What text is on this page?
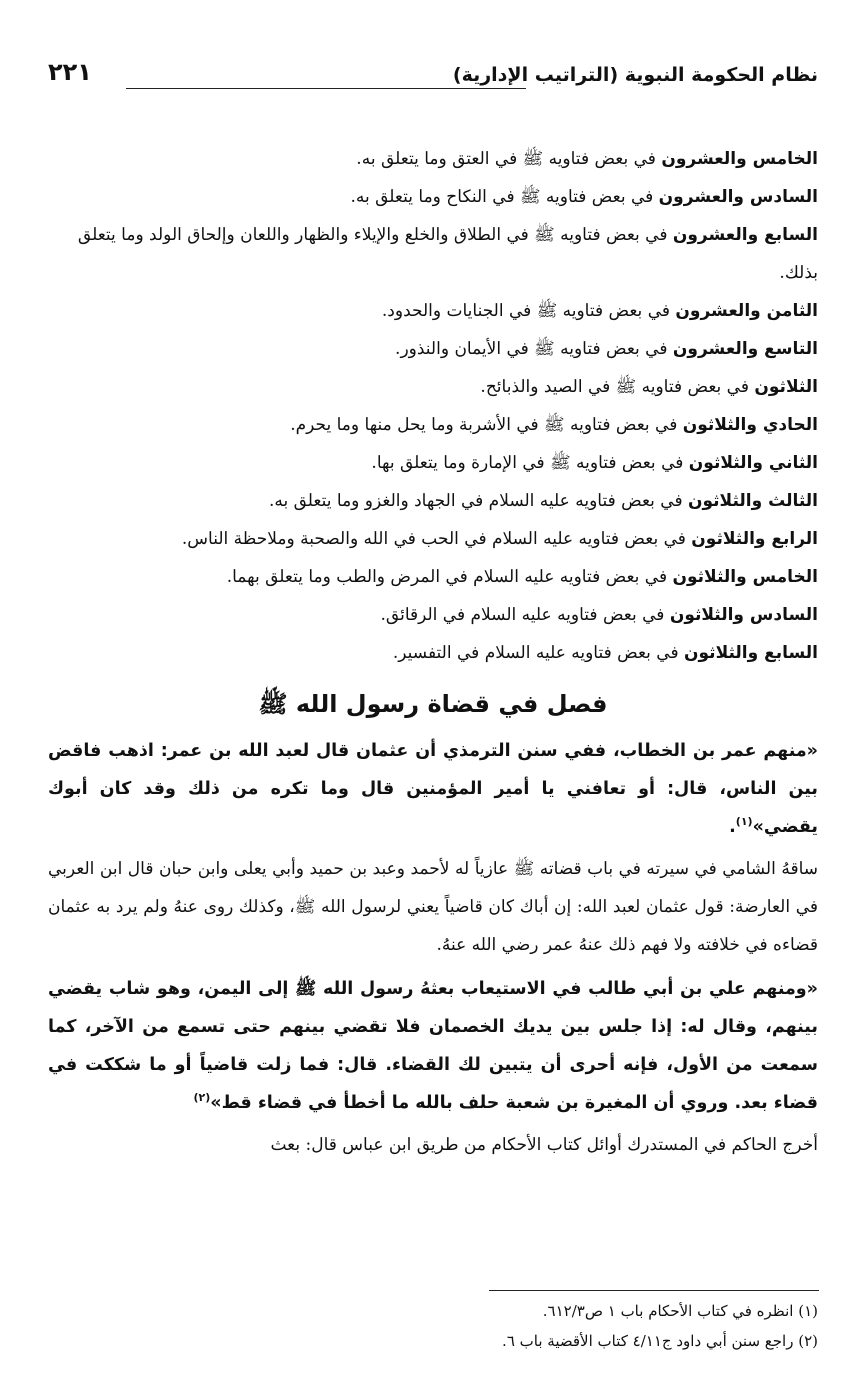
نظام الحكومة النبوية (التراتيب الإدارية)
٢٢١

الخامس والعشرون في بعض فتاويه ﷺ في العتق وما يتعلق به.

السادس والعشرون في بعض فتاويه ﷺ في النكاح وما يتعلق به.

السابع والعشرون في بعض فتاويه ﷺ في الطلاق والخلع والإيلاء والظهار واللعان وإلحاق الولد وما يتعلق بذلك.

الثامن والعشرون في بعض فتاويه ﷺ في الجنايات والحدود.

التاسع والعشرون في بعض فتاويه ﷺ في الأيمان والنذور.

الثلاثون في بعض فتاويه ﷺ في الصيد والذبائح.

الحادي والثلاثون في بعض فتاويه ﷺ في الأشربة وما يحل منها وما يحرم.

الثاني والثلاثون في بعض فتاويه ﷺ في الإمارة وما يتعلق بها.

الثالث والثلاثون في بعض فتاويه عليه السلام في الجهاد والغزو وما يتعلق به.

الرابع والثلاثون في بعض فتاويه عليه السلام في الحب في الله والصحبة وملاحظة الناس.

الخامس والثلاثون في بعض فتاويه عليه السلام في المرض والطب وما يتعلق بهما.

السادس والثلاثون في بعض فتاويه عليه السلام في الرقائق.

السابع والثلاثون في بعض فتاويه عليه السلام في التفسير.

فصل في قضاة رسول الله ﷺ

«منهم عمر بن الخطاب، ففي سنن الترمذي أن عثمان قال لعبد الله بن عمر: اذهب فاقض بين الناس، قال: أو تعافني يا أمير المؤمنين قال وما تكره من ذلك وقد كان أبوك يقضي»$^{(١)}$.

ساقهُ الشامي في سيرته في باب قضاته ﷺ عازياً له لأحمد وعبد بن حميد وأبي يعلى وابن حبان قال ابن العربي في العارضة: قول عثمان لعبد الله: إن أباك كان قاضياً يعني لرسول الله ﷺ، وكذلك روى عنهُ ولم يرد به عثمان قضاءه في خلافته ولا فهم ذلك عنهُ عمر رضي الله عنهُ.

«ومنهم علي بن أبي طالب في الاستيعاب بعثهُ رسول الله ﷺ إلى اليمن، وهو شاب يقضي بينهم، وقال له: إذا جلس بين يديك الخصمان فلا تقضي بينهم حتى تسمع من الآخر، كما سمعت من الأول، فإنه أحرى أن يتبين لك القضاء. قال: فما زلت قاضياً أو ما شككت في قضاء بعد. وروي أن المغيرة بن شعبة حلف بالله ما أخطأ في قضاء قط»$^{(٢)}$

أخرج الحاكم في المستدرك أوائل كتاب الأحكام من طريق ابن عباس قال: بعث

(١) انظره في كتاب الأحكام باب ١ ص٦١٢/٣.

(٢) راجع سنن أبي داود ج٤/١١ كتاب الأقضية باب ٦.
